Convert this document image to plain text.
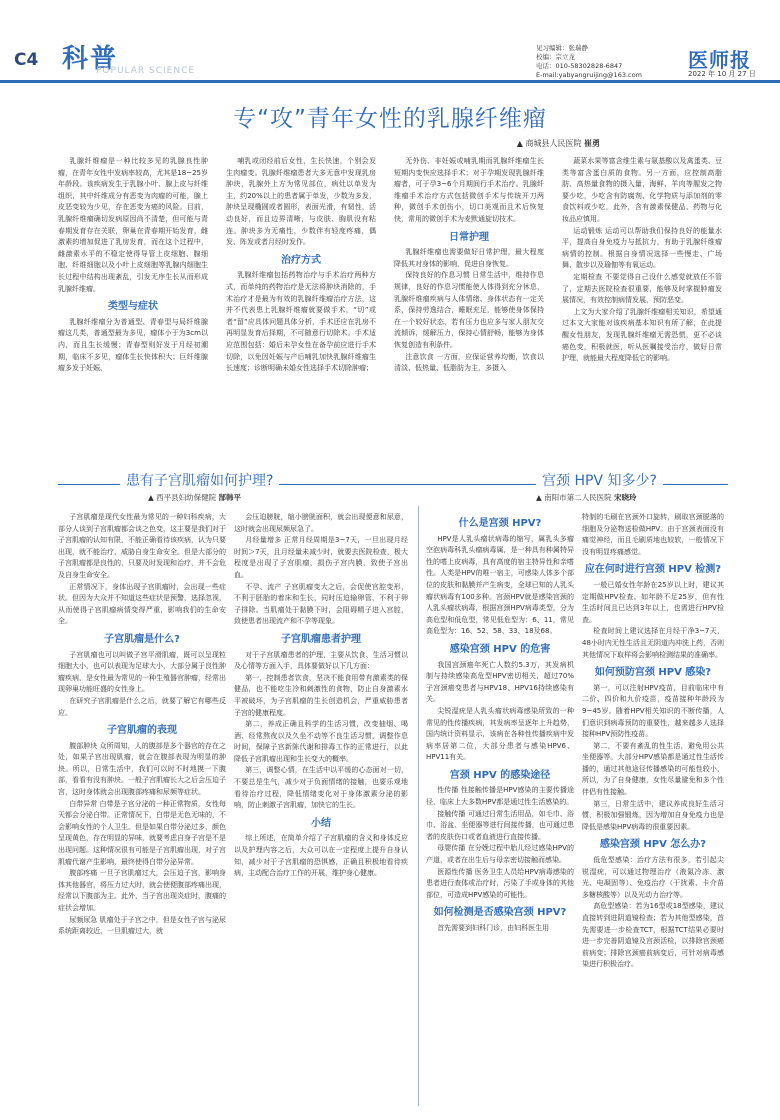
C4 科普
POPULAR SCIENCE
见习编辑：张瑞静
校编：宗立龙
电话：010-58302828-6847
E-mail:yabyangruijing@163.com
医师报
2022 年 10 月 27 日
专“攻”青年女性的乳腺纤维瘤
▲ 商城县人民医院 崔勇

乳腺纤维瘤是一种比较多见的乳腺良性肿瘤，在青年女性中发病率较高，尤其是18~25岁年龄段。该疾病发生于乳腺小叶、腺上皮与纤维组织，其中纤维成分有恶变为肉瘤的可能，腺上皮恶变较为少见，存在恶变为癌的风险。目前，乳腺纤维瘤确切发病原因尚不清楚，但可能与青春期发育存在关联，卵巢在青春期开始发育，雌激素的增加促进了乳房发育，而在这个过程中，雌激素水平的不稳定使得导管上皮细胞、腺细胞、纤维细胞以及小叶上皮细胞等乳腺内细胞生长过程中结构出现紊乱，引发无序生长从而形成乳腺纤维瘤。

类型与症状

乳腺纤维瘤分为普通型、青春型与局纤维腺瘤这几类，普通型最为多见，瘤体小于为3cm以内，而且生长缓慢；青春型则好发于月经初潮期，临床不多见，瘤体生长快体积大；巨纤维腺瘤多发于妊娠、

哺乳或闭经前后女性，生长快速，个别会发生肉瘤变。乳腺纤维瘤患者大多无意中发现乳房肿块，乳腺外上方为常见部位，病灶以单发为主，约20%以上的患者属于单发，少数为多发，肿块呈现椭圆或者圆形，表面光滑，有韧性，活动良好，而且边界清晰，与皮肤、胸肌没有粘连。肿块多为无痛性，少数伴有轻度疼痛，偶发、阵发或者月经时发作。

治疗方式

乳腺纤维瘤包括药物治疗与手术治疗两种方式，而单纯的药物治疗是无法将肿块消除的，手术治疗才是最为有效的乳腺纤维瘤治疗方法，这并不代表患上乳腺纤维瘤就要做手术，“切”或者“留”应具体问题具体分析，手术还应在乳房不再明显发育后择期，不可随意行切除术。手术适应范围包括：婚后未孕女性在备孕前应进行手术切除，以免因妊娠与产后哺乳加快乳腺纤维瘤生长速度；诊断明确未婚女性选择手术切除肿瘤；

无外伤、非妊娠或哺乳期而乳腺纤维瘤生长短期内变快应选择手术；对于孕期发现乳腺纤维瘤者，可于孕3~6个月期间行手术治疗。乳腺纤维瘤手术治疗方式包括微创手术与传统开刀两种，微创手术创伤小，切口美观而且术后恢复快，常用的微创手术为麦默通旋切技术。

日常护理

乳腺纤维瘤也需要做好日常护理，最大程度降低其对身体的影响，促进自身恢复。

保持良好的作息习惯 日常生活中，维持作息规律，良好的作息习惯能使人体得到充分休息，乳腺纤维瘤疾病与人体情绪、身体状态有一定关系，保持劳逸结合，睡眠充足，能够使身体保持在一个较好状态，若有压力也应多与家人朋友交流倾诉，缓解压力，保持心情舒畅，能够为身体恢复创造有利条件。

注意饮食 一方面，应保证营养均衡，饮食以清淡、低热量、低脂肪为主，多摄入

蔬菜水果等富含维生素与氨基酸以及禽蛋类、豆类等富含蛋白质的食物。另一方面，应控制高脂肪、高热量食物的摄入量，海鲜、羊肉等腥发之物要少吃，少吃含有防腐剂、化学物质与添加剂的零食饮料或少吃，此外，含有激素保健品、药物与化妆品应慎用。

运动锻炼 运动可以帮助我们保持良好的能量水平，提高自身免疫力与抵抗力，有助于乳腺纤维瘤病情的控制。根据自身情况选择一些慢走、广场舞、散步以及瑜伽等有氧运动。

定期检查 不要觉得自己没什么感觉就放任不管了，定期去医院检查很重要，能够及时掌握肿瘤发展情况，有效控制病情发展，预防恶变。

上文为大家介绍了乳腺纤维瘤相关知识，希望通过本文大家能对该疾病基本知识有所了解，在此提醒女性朋友，发现乳腺纤维瘤无需恐慌，更不必谈癌色变，积极就医，听从医嘱接受治疗，做好日常护理，就能最大程度降低它的影响。

患有子宫肌瘤如何护理?
▲ 西平县妇幼保健院 郜韩平
宫颈 HPV 知多少?
▲ 南阳市第二人民医院 宋晓玲

子宫肌瘤是现代女性最为常见的一种妇科疾病，大部分人谈到子宫肌瘤都会谈之色变，这主要是我们对于子宫肌瘤的认知有限，不能正确看待该疾病，认为只要出现，就不能治疗，威胁自身生命安全。但是大部分的子宫肌瘤都是良性的，只要及时发现和治疗，并不会危及自身生命安全。

正常情况下，身体出现子宫肌瘤时，会出现一些症状。但因为大众并不知道这些症状是预警，选择忽视，从而使得子宫肌瘤病情变得严重，影响我们的生命安全。

子宫肌瘤是什么?

子宫肌瘤也可以叫做子宫平滑肌瘤，既可以呈现粒细胞大小，也可以表现为足球大小，大部分属于良性肿瘤疾病，是女性最为常见的一种生殖器官肿瘤，经常出现卵巢功能旺盛的女性身上。

在研究子宫肌瘤是什么之后，就要了解它有哪些反应。

子宫肌瘤的表现

腹部肿块 众所周知，人的腹部是多个器官的存在之处，如果子宫出现肌瘤，就会在腹部表现为明显的肿块。所以，日常生活中，我们可以时不时地摸一下腹部，看看有没有肿块。一般子宫肌瘤长大之后会压迫子宫，这时身体就会出现腹部疼痛和尿频等症状。

白带异常 白带是子宫分泌的一种正常物质，女性每天都会分泌白带。正常情况下，白带是无色无味的，不会影响女性的个人卫生。但是如果白带分泌过多，颜色呈现黄色，存在明显的异味，就要考虑自身子宫是不是出现问题。这种情况很有可能是子宫肌瘤出现，对子宫肌瘤代谢产生影响，最终使得白带分泌异常。

腹部疼痛 一旦子宫肌瘤过大，会压迫子宫，影响身体其他器官，将压力过大时，就会使便腹部疼痛出现，经常以下腹部为主。此外，当子宫出现炎症时，腹痛的症状会增加。

尿频尿急 肌瘤处于子宫之中，但是女性子宫与泌尿系统距离较近，一旦肌瘤过大，就

会压迫膀胱，缩小膀胱面积，就会出现便意和尿意，这时就会出现尿频尿急了。

月经量增多 正常月经周期是3~7天，一旦出现月经时间＞7天，且月经量未减少时，就要去医院检查，极大程度是出现了子宫肌瘤，损伤子宫内膜，致使子宫出血。

不孕、流产 子宫肌瘤变大之后，会促使宫腔变形，不利于胚胎的着床和生长，同时压迫输卵管，不利于卵子排除。当肌瘤处于黏膜下时，会阻碍精子进入宫腔，致使患者出现流产和不孕等现象。

子宫肌瘤患者护理

对于子宫肌瘤患者的护理，主要从饮食、生活习惯以及心情等方面入手，具体要做好以下几方面：

第一，控制患者饮食，坚决不能食用带有激素类的保健品，也不能吃生冷和刺激性的食物，防止自身激素水平被破坏，为子宫肌瘤的生长创造机会，严重威胁患者子宫的健康程度。

第二，养成正确且科学的生活习惯，改变抽烟、喝酒、经常熬夜以及久坐不动等不良生活习惯，调整作息时间，保障子宫新陈代谢和排毒工作的正常进行，以此降低子宫肌瘤出现和生长变大的概率。

第三，调整心情，在生活中以平缓的心态面对一切，不要总是生气，减少对于负面情绪的接触，也要乐观地看待治疗过程，降低情绪变化对于身体激素分泌的影响，防止刺激子宫肌瘤，加快它的生长。

小结

综上所述，在简单介绍了子宫肌瘤的含义和身体反应以及护理内容之后，大众可以在一定程度上提升自身认知，减少对于子宫肌瘤的恐惧感，正确且积极地看待疾病，主动配合治疗工作的开展，维护身心健康。

什么是宫颈 HPV?

HPV是人乳头瘤状病毒的缩写，属乳头多瘤空泡病毒科乳头瘤病毒属，是一种具有种属特异性的嗜上皮病毒，具有高度的宿主特异性和亲嗜性。人类是HPV的唯一宿主，可感染人体多个部位的皮肤和黏膜并产生病变，全球已知的人乳头瘤状病毒有100多种。宫颈HPV就是感染宫颈的人乳头瘤状病毒，根据宫颈HPV病毒类型，分为高危型和低危型，常见低危型为：6、11，常见高危型为：16、52、58、33、18及68。

感染宫颈 HPV 的危害

我国宫颈癌年死亡人数约5.3万，其发病机制与持续感染高危型HPV密切相关，超过70%子宫颈癌变患者与HPV18、HPV16持续感染有关。

尖锐湿疣是人乳头瘤状病毒感染所致的一种常见的性传播疾病，其发病率呈逐年上升趋势，国内统计资料显示，该病在各种性传播疾病中发病率居第二位，大部分患者与感染HPV6、HPV11有关。

宫颈 HPV 的感染途径

性传播 性接触传播是HPV感染的主要传播途径，临床上大多数HPV都是通过性生活感染的。

接触传播 可通过日常生活用品，如毛巾、浴巾、浴盆、坐便器等进行间接传播，也可通过患者的皮肤伤口或者血液进行直接传播。

母婴传播 在分娩过程中胎儿经过感染HPV的产道，或者在出生后与母亲密切接触而感染。

医源性传播 医务卫生人员给HPV病毒感染的患者进行查体或治疗时，污染了手或身体的其他部位，可造成HPV感染的可能性。

如何检测是否感染宫颈 HPV?

首先需要到妇科门诊，由妇科医生用

特制的毛刷在宫颈外口旋转，刷取宫颈脱落的细胞及分泌物送检做HPV。由于宫颈表面没有痛觉神经，而且毛刷质地也较软，一般情况下没有明显疼痛感觉。

应在何时进行宫颈 HPV 检测?

一般已婚女性年龄在25岁以上时，建议其定期做HPV检查。如年龄不足25岁，但有性生活时间且已达到3年以上，也需进行HPV检查。

检查时间上建议选择在月经干净3~7天，48小时内无性生活且无阴道内冲洗上药，否则其他情况下取样将会影响检测结果的准确率。

如何预防宫颈 HPV 感染?

第一，可以注射HPV疫苗，目前临床中有二价、四价和九价疫苗，疫苗接种年龄段为9~45岁。随着HPV相关知识的不断传播，人们意识到病毒预防的重要性，越来越多人选择接种HPV预防性疫苗。

第二，不要有紊乱的性生活，避免用公共坐便器等。大部分HPV感染都是通过性生活传播的，通过其他途径传播感染的可能性较小，所以，为了自身健康，女性尽量避免和多个性伴侣有性接触。

第三，日常生活中，建议养成良好生活习惯，积极加强锻炼，因为增加自身免疫力也是降低是感染HPV病毒的很重要因素。

感染宫颈 HPV 怎么办?

低危型感染：治疗方法有很多，若引起尖锐湿疣，可以通过物理治疗（液氮冷冻、激光、电凝固等）、免疫治疗（干扰素、卡介苗多糖核酸等）以及光动力治疗等。

高危型感染：若为16型或18型感染，建议直接转到进阴道镜检查；若为其他型感染，首先需要进一步检查TCT，根据TCT结果必要时进一步完善阴道镜及宫颈活检，以排除宫颈癌前病变；排除宫颈癌前病变后，可针对病毒感染进行积极治疗。
